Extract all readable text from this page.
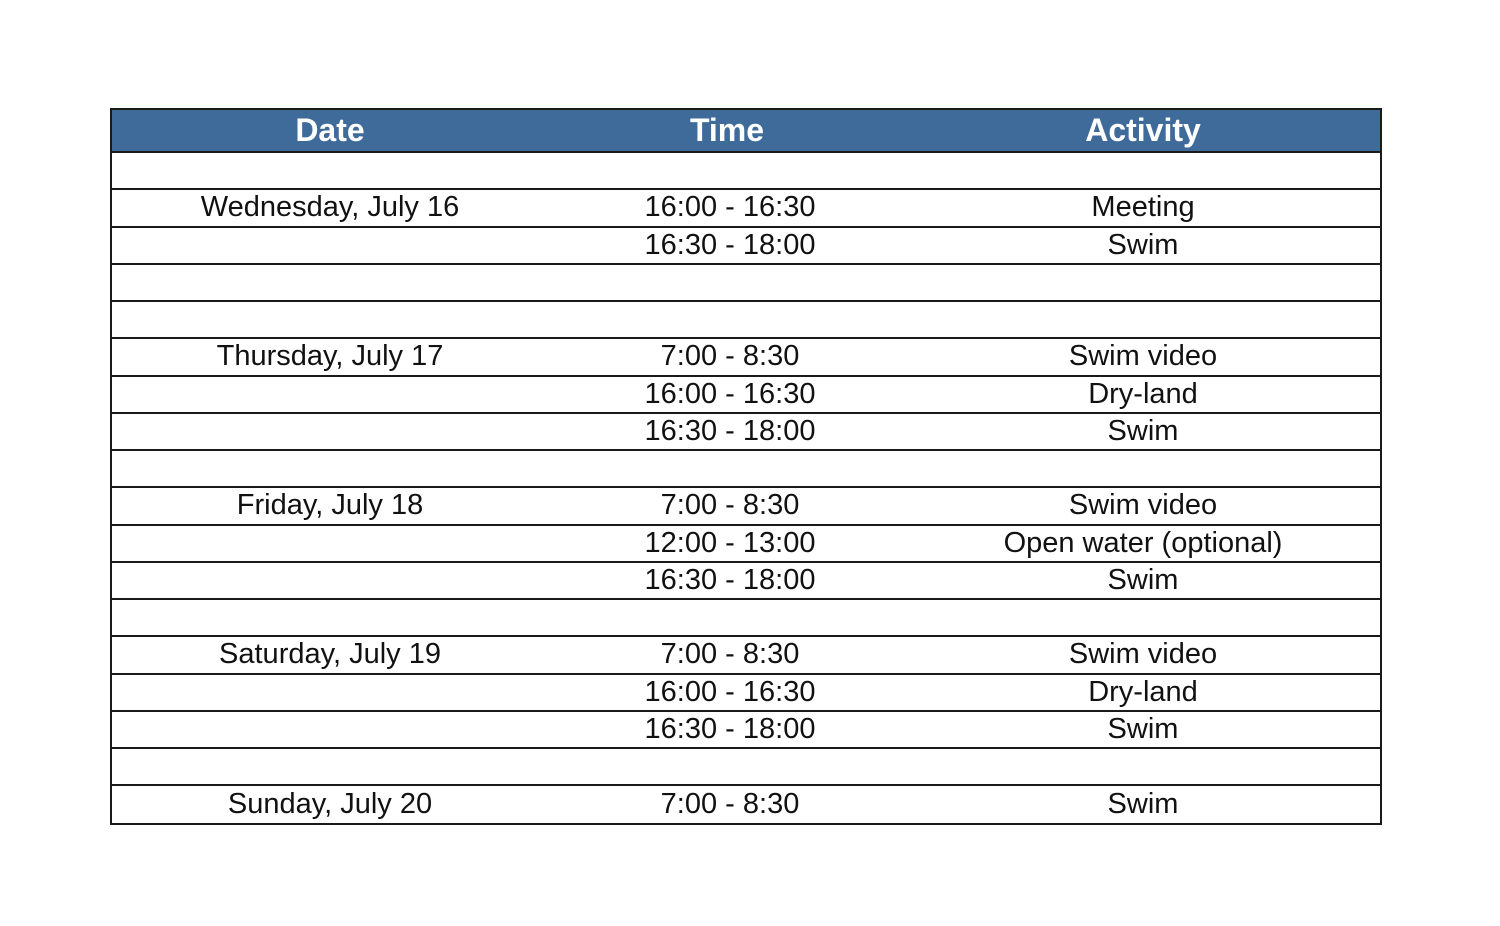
Date	Time	Activity

Wednesday, July 16	16:00 - 16:30	Meeting
	16:30 - 18:00	Swim

Thursday, July 17	7:00 - 8:30	Swim video
	16:00 - 16:30	Dry-land
	16:30 - 18:00	Swim

Friday, July 18	7:00 - 8:30	Swim video
	12:00 - 13:00	Open water (optional)
	16:30 - 18:00	Swim

Saturday, July 19	7:00 - 8:30	Swim video
	16:00 - 16:30	Dry-land
	16:30 - 18:00	Swim

Sunday, July 20	7:00 - 8:30	Swim
